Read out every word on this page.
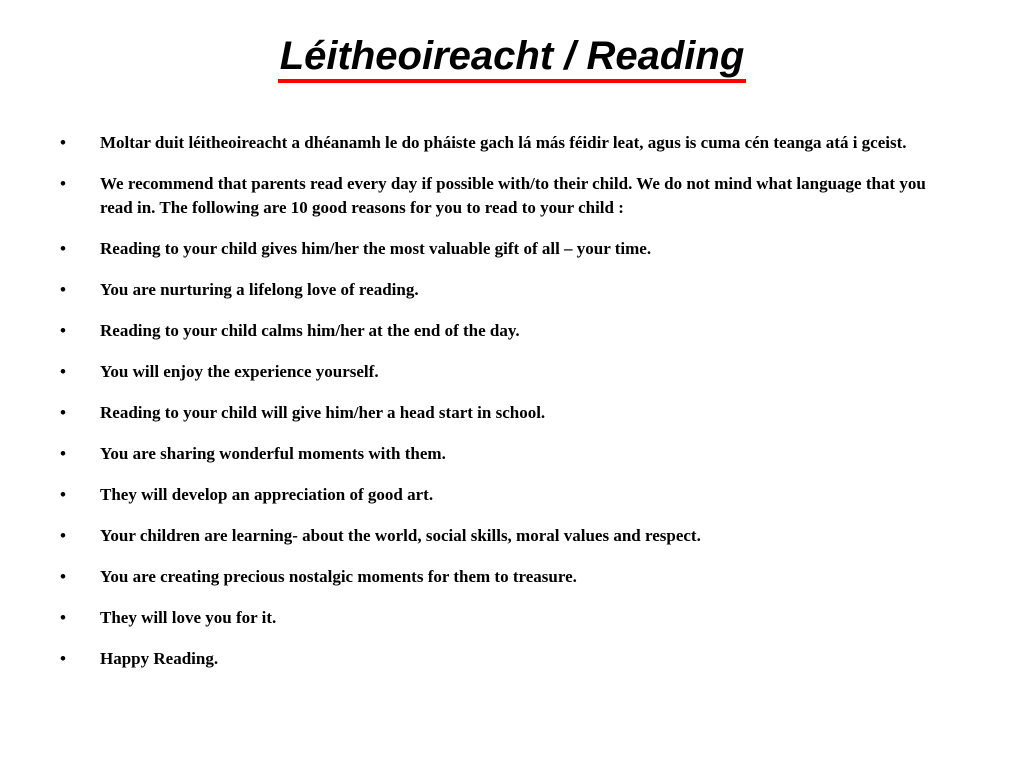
Léitheoireacht / Reading
•	Moltar duit léitheoireacht a dhéanamh le do pháiste gach lá más féidir leat, agus is cuma cén teanga atá i gceist.
•	We recommend that parents read every day if possible with/to their child. We do not mind what language that you read in. The following are 10 good reasons for you to read to your child :
•	Reading to your child gives him/her the most valuable gift of all – your time.
•	You are nurturing a lifelong love of reading.
•	Reading to your child calms him/her at the end of the day.
•	You will enjoy the experience yourself.
•	Reading to your child will give him/her a head start in school.
•	You are sharing wonderful moments with them.
•	They will develop an appreciation of good art.
•	Your children are learning- about the world, social skills, moral values and respect.
•	You are creating precious nostalgic moments for them to treasure.
•	They will love you for it.
•	Happy Reading.
